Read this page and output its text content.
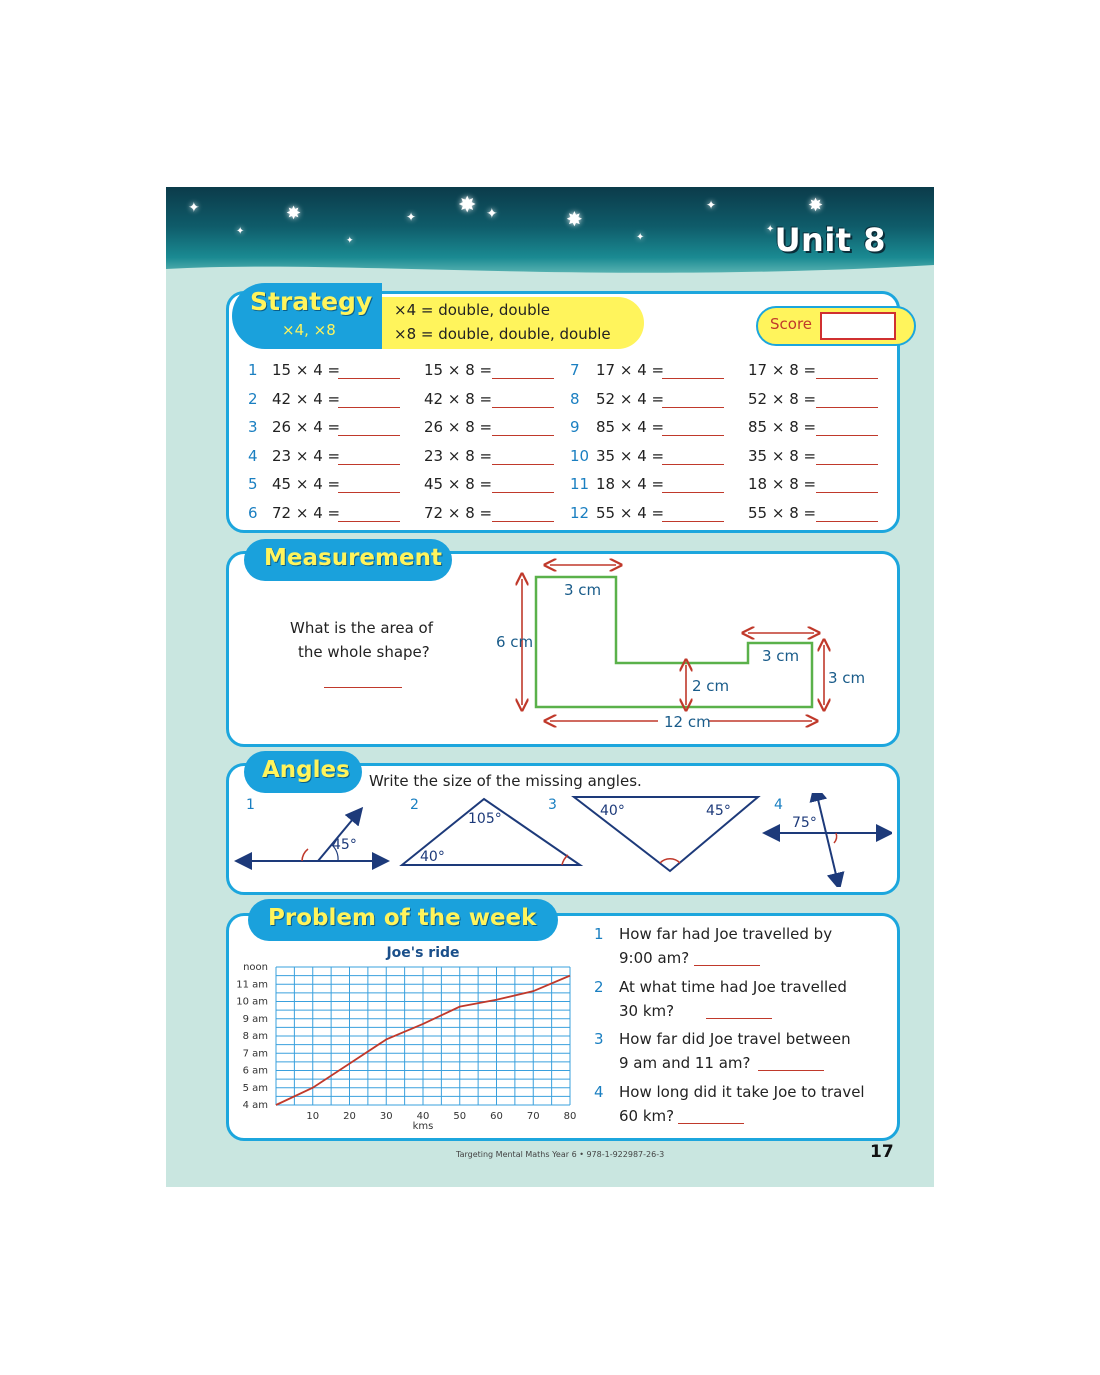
✦
✦
✸
✦
✦ ✸ ✦	✸
✦
✦
✦
✸
Unit 8
×4 = double, double
×8 = double, double, double
Strategy
×4, ×8	Score
1 15 × 4 =	15 × 8 =	7 17 × 4 =	17 × 8 =
2 42 × 4 =	42 × 8 =	8 52 × 4 =	52 × 8 =
3 26 × 4 =	26 × 8 =	9 85 × 4 =	85 × 8 =
4 23 × 4 =	23 × 8 =	10 35 × 4 =	35 × 8 =
5 45 × 4 =	45 × 8 =	11 18 × 4 =	18 × 8 =
6 72 × 4 =	72 × 8 =	12 55 × 4 =	55 × 8 =
Measurement
What is the area of
the whole shape?
3 cm
6 cm
3 cm
2 cm	3 cm
12 cm
Angles Write the size of the missing angles.
1	2	3	4
45°
105°
40°
40°	45°
75°
Problem of the week
Joe's ride
4 am
5 am
6 am
7 am
8 am
9 am
10 am
11 am
noon
10 20 30 40 50 60 70 80
kms
1 How far had Joe travelled by
9:00 am?
2 At what time had Joe travelled
30 km?
3 How far did Joe travel between
9 am and 11 am?
4 How long did it take Joe to travel
60 km?
Targeting Mental Maths Year 6 • 978-1-922987-26-3	17
